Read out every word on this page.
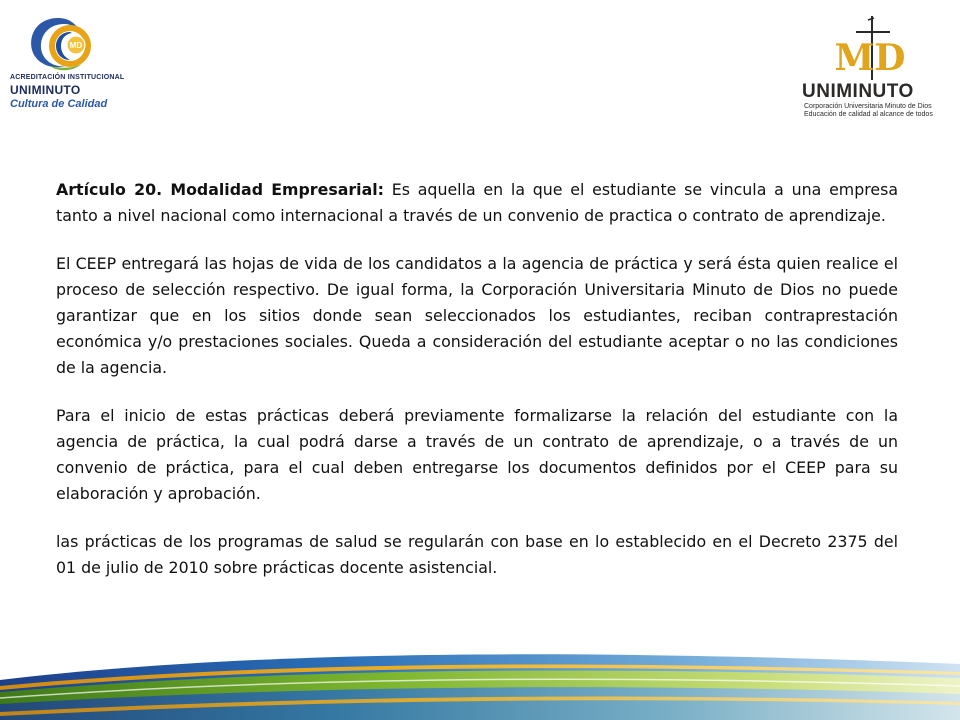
MD
ACREDITACIÓN INSTITUCIONAL
UNIMINUTO
Cultura de Calidad
MD
UNIMINUTO
Corporación Universitaria Minuto de Dios
Educación de calidad al alcance de todos

Artículo 20. Modalidad Empresarial: Es aquella en la que el estudiante se vincula a una empresa tanto a nivel nacional como internacional a través de un convenio de practica o contrato de aprendizaje.

El CEEP entregará las hojas de vida de los candidatos a la agencia de práctica y será ésta quien realice el proceso de selección respectivo. De igual forma, la Corporación Universitaria Minuto de Dios no puede garantizar que en los sitios donde sean seleccionados los estudiantes, reciban contraprestación económica y/o prestaciones sociales. Queda a consideración del estudiante aceptar o no las condiciones de la agencia.

Para el inicio de estas prácticas deberá previamente formalizarse la relación del estudiante con la agencia de práctica, la cual podrá darse a través de un contrato de aprendizaje, o a través de un convenio de práctica, para el cual deben entregarse los documentos definidos por el CEEP para su elaboración y aprobación.

las prácticas de los programas de salud se regularán con base en lo establecido en el Decreto 2375 del 01 de julio de 2010 sobre prácticas docente asistencial.
